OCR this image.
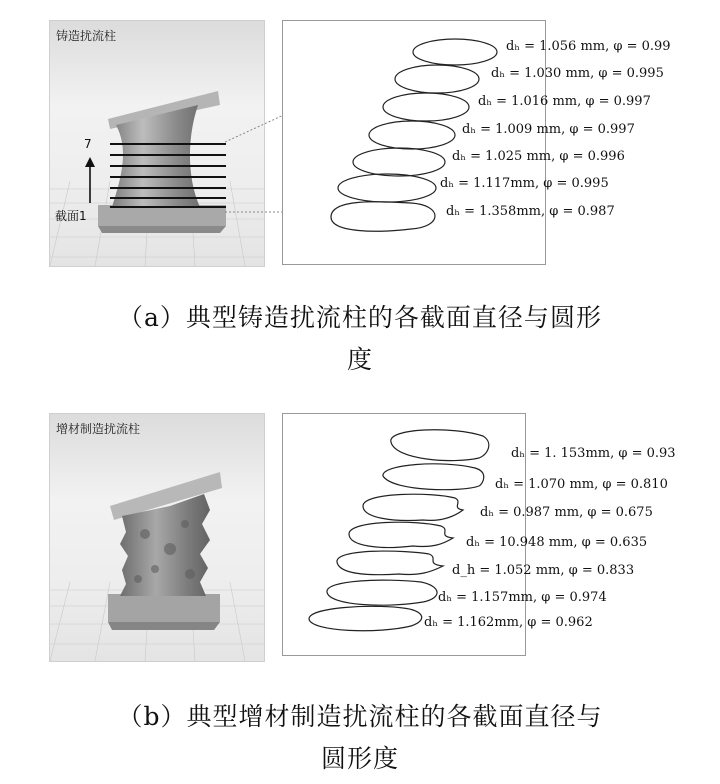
铸造扰流柱
7
截面1
dₕ = 1.056 mm, φ = 0.99
dₕ = 1.030 mm, φ = 0.995
dₕ = 1.016 mm, φ = 0.997
dₕ = 1.009 mm, φ = 0.997
dₕ = 1.025 mm, φ = 0.996
dₕ = 1.117mm, φ = 0.995
dₕ = 1.358mm, φ = 0.987
（a）典型铸造扰流柱的各截面直径与圆形
度
增材制造扰流柱
dₕ = 1. 153mm, φ = 0.93
dₕ = 1.070 mm, φ = 0.810
dₕ = 0.987 mm, φ = 0.675
dₕ = 10.948 mm, φ = 0.635
d_h = 1.052 mm, φ = 0.833
dₕ = 1.157mm, φ = 0.974
dₕ = 1.162mm, φ = 0.962
（b）典型增材制造扰流柱的各截面直径与
圆形度
